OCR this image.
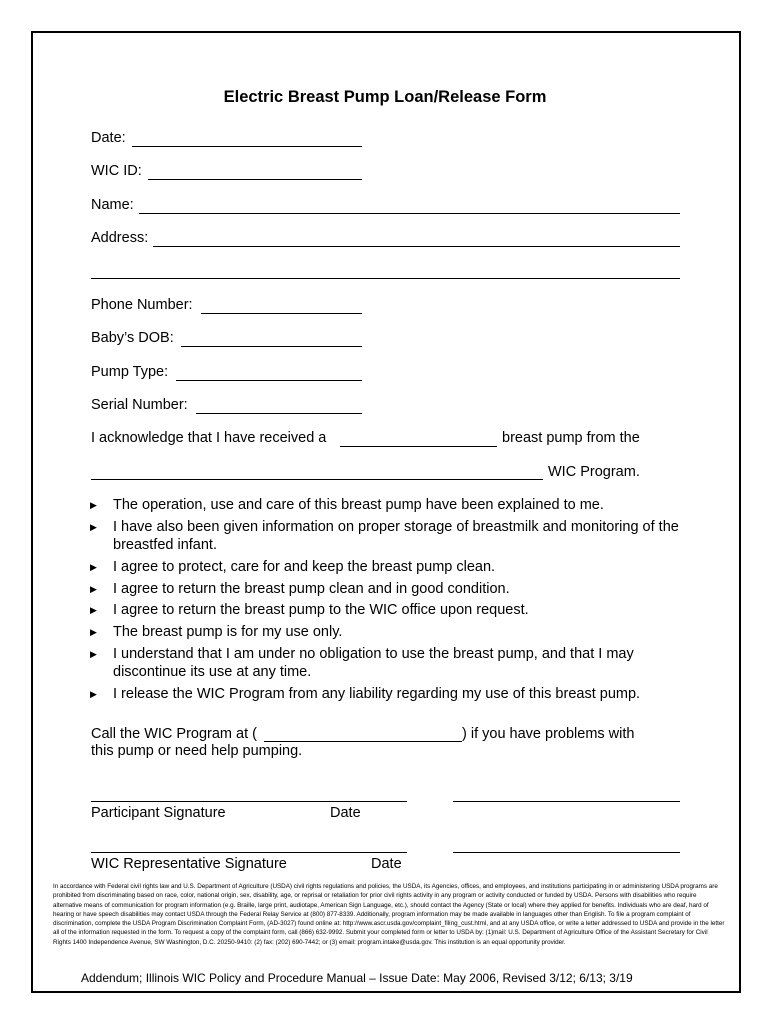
Electric Breast Pump Loan/Release Form
Date:
WIC ID:
Name:
Address:
Phone Number:
Baby’s DOB:
Pump Type:
Serial Number:
I acknowledge that I have received a	breast pump from the
WIC Program.
▶ The operation, use and care of this breast pump have been explained to me.
▶ I have also been given information on proper storage of breastmilk and monitoring of the breastfed infant.
▶ I agree to protect, care for and keep the breast pump clean.
▶ I agree to return the breast pump clean and in good condition.
▶ I agree to return the breast pump to the WIC office upon request.
▶ The breast pump is for my use only.
▶ I understand that I am under no obligation to use the breast pump, and that I may discontinue its use at any time.
▶ I release the WIC Program from any liability regarding my use of this breast pump.
Call the WIC Program at (	) if you have problems with
this pump or need help pumping.
Participant Signature	Date
WIC Representative Signature	Date
In accordance with Federal civil rights law and U.S. Department of Agriculture (USDA) civil rights regulations and policies, the USDA, its Agencies, offices, and employees, and institutions participating in or administering USDA programs are prohibited from discriminating based on race, color, national origin, sex, disability, age, or reprisal or retaliation for prior civil rights activity in any program or activity conducted or funded by USDA. Persons with disabilities who require alternative means of communication for program information (e.g. Braille, large print, audiotape, American Sign Language, etc.), should contact the Agency (State or local) where they applied for benefits. Individuals who are deaf, hard of hearing or have speech disabilities may contact USDA through the Federal Relay Service at (800) 877-8339. Additionally, program information may be made available in languages other than English. To file a program complaint of discrimination, complete the USDA Program Discrimination Complaint Form, (AD-3027) found online at: http://www.ascr.usda.gov/complaint_filing_cust.html, and at any USDA office, or write a letter addressed to USDA and provide in the letter all of the information requested in the form. To request a copy of the complaint form, call (866) 632-9992. Submit your completed form or letter to USDA by: (1)mail: U.S. Department of Agriculture Office of the Assistant Secretary for Civil Rights 1400 Independence Avenue, SW Washington, D.C. 20250-9410: (2) fax: (202) 690-7442; or (3) email: program.intake@usda.gov. This institution is an equal opportunity provider.
Addendum; Illinois WIC Policy and Procedure Manual – Issue Date: May 2006, Revised 3/12; 6/13; 3/19
